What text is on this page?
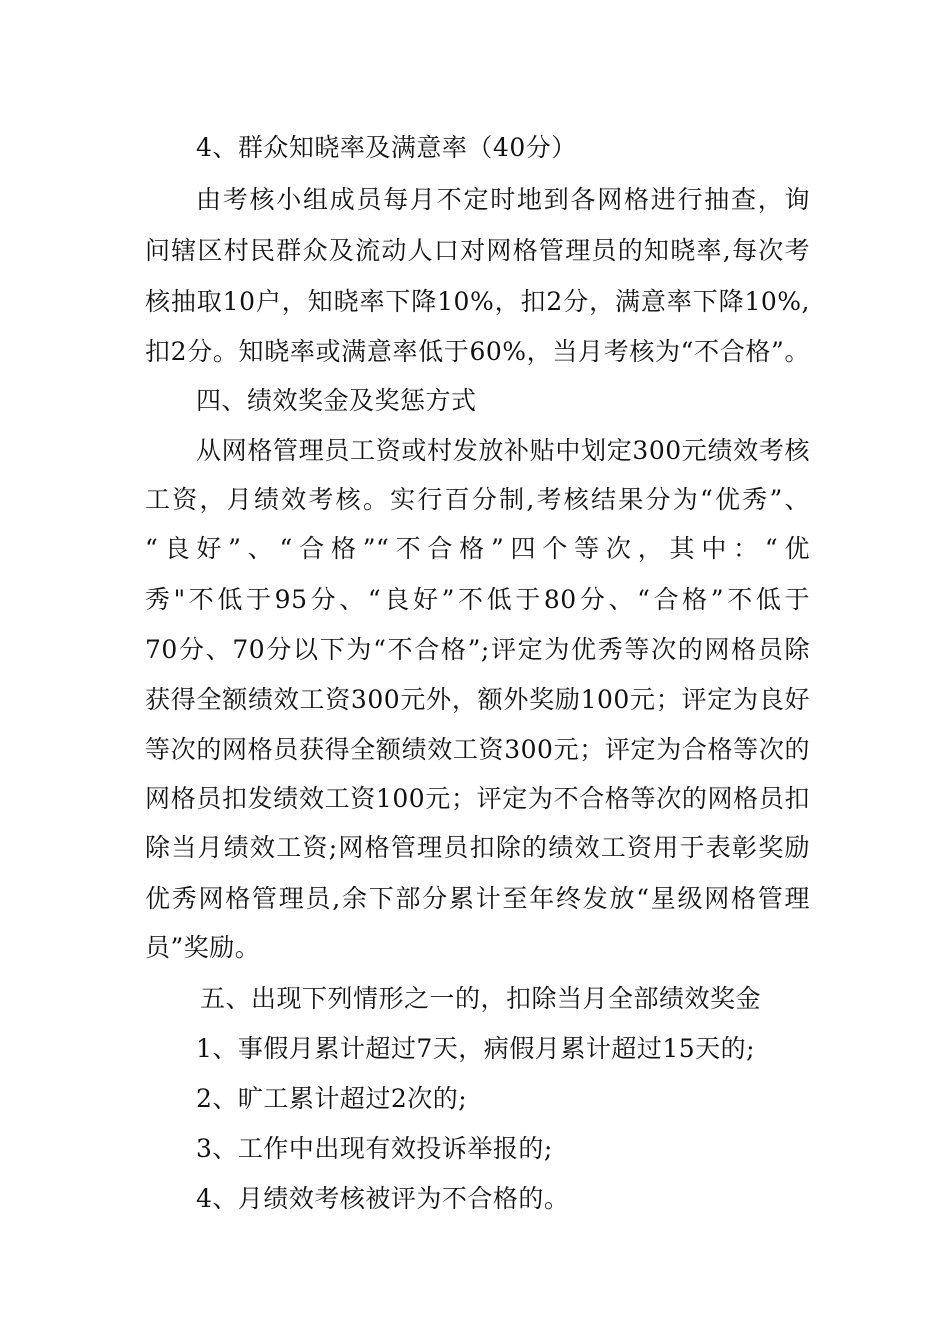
4、群众知晓率及满意率（40分）
由考核小组成员每月不定时地到各网格进行抽查，询
问辖区村民群众及流动人口对网格管理员的知晓率,每次考
核抽取10户，知晓率下降10%，扣2分，满意率下降10%,
扣2分。知晓率或满意率低于60%，当月考核为“不合格”。
四、绩效奖金及奖惩方式
从网格管理员工资或村发放补贴中划定300元绩效考核
工资，月绩效考核。实行百分制,考核结果分为“优秀”、
“良好”、“合格”“不合格”四个等次，其中：“优
秀"不低于95分、“良好”不低于80分、“合格”不低于
70分、70分以下为“不合格”;评定为优秀等次的网格员除
获得全额绩效工资300元外，额外奖励100元；评定为良好
等次的网格员获得全额绩效工资300元；评定为合格等次的
网格员扣发绩效工资100元；评定为不合格等次的网格员扣
除当月绩效工资;网格管理员扣除的绩效工资用于表彰奖励
优秀网格管理员,余下部分累计至年终发放“星级网格管理
员”奖励。
五、出现下列情形之一的，扣除当月全部绩效奖金
1、事假月累计超过7天，病假月累计超过15天的;
2、旷工累计超过2次的;
3、工作中出现有效投诉举报的;
4、月绩效考核被评为不合格的。
